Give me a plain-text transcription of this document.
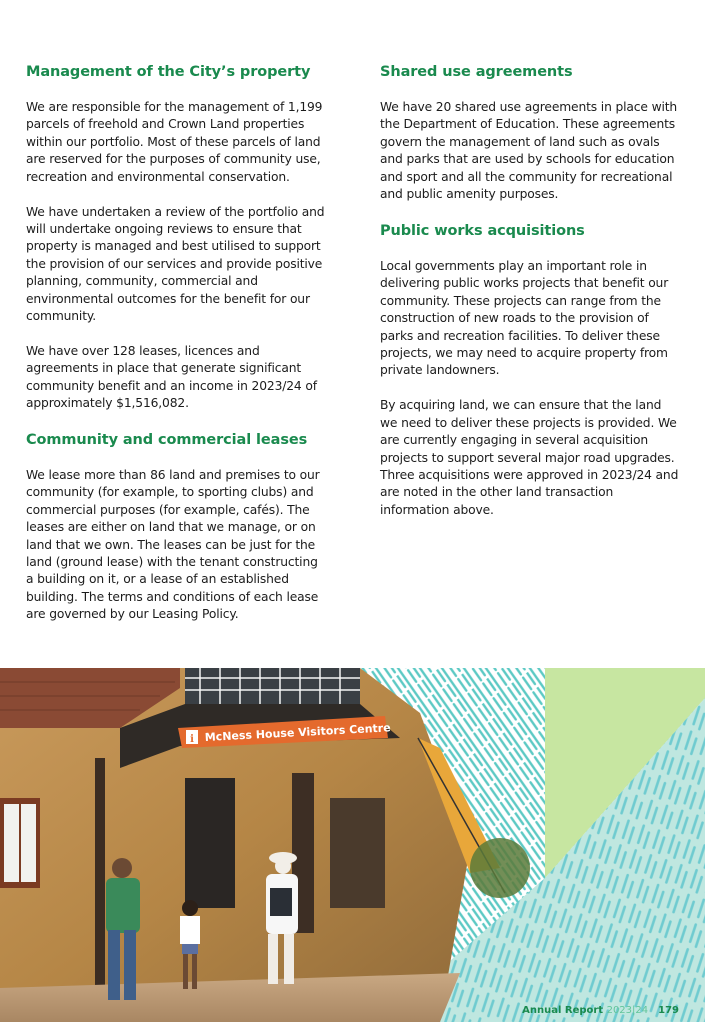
Management of the City’s property

We are responsible for the management of 1,199 parcels of freehold and Crown Land properties within our portfolio. Most of these parcels of land are reserved for the purposes of community use, recreation and environmental conservation.

We have undertaken a review of the portfolio and will undertake ongoing reviews to ensure that property is managed and best utilised to support the provision of our services and provide positive planning, community, commercial and environmental outcomes for the benefit for our community.

We have over 128 leases, licences and agreements in place that generate significant community benefit and an income in 2023/24 of approximately $1,516,082.

Community and commercial leases

We lease more than 86 land and premises to our community (for example, to sporting clubs) and commercial purposes (for example, cafés). The leases are either on land that we manage, or on land that we own. The leases can be just for the land (ground lease) with the tenant constructing a building on it, or a lease of an established building. The terms and conditions of each lease are governed by our Leasing Policy.

Shared use agreements

We have 20 shared use agreements in place with the Department of Education. These agreements govern the management of land such as ovals and parks that are used by schools for education and sport and all the community for recreational and public amenity purposes.

Public works acquisitions

Local governments play an important role in delivering public works projects that benefit our community. These projects can range from the construction of new roads to the provision of parks and recreation facilities. To deliver these projects, we may need to acquire property from private landowners.

By acquiring land, we can ensure that the land we need to deliver these projects is provided. We are currently engaging in several acquisition projects to support several major road upgrades. Three acquisitions were approved in 2023/24 and are noted in the other land transaction information above.

i McNess House Visitors Centre
Annual Report 2023|24 179
